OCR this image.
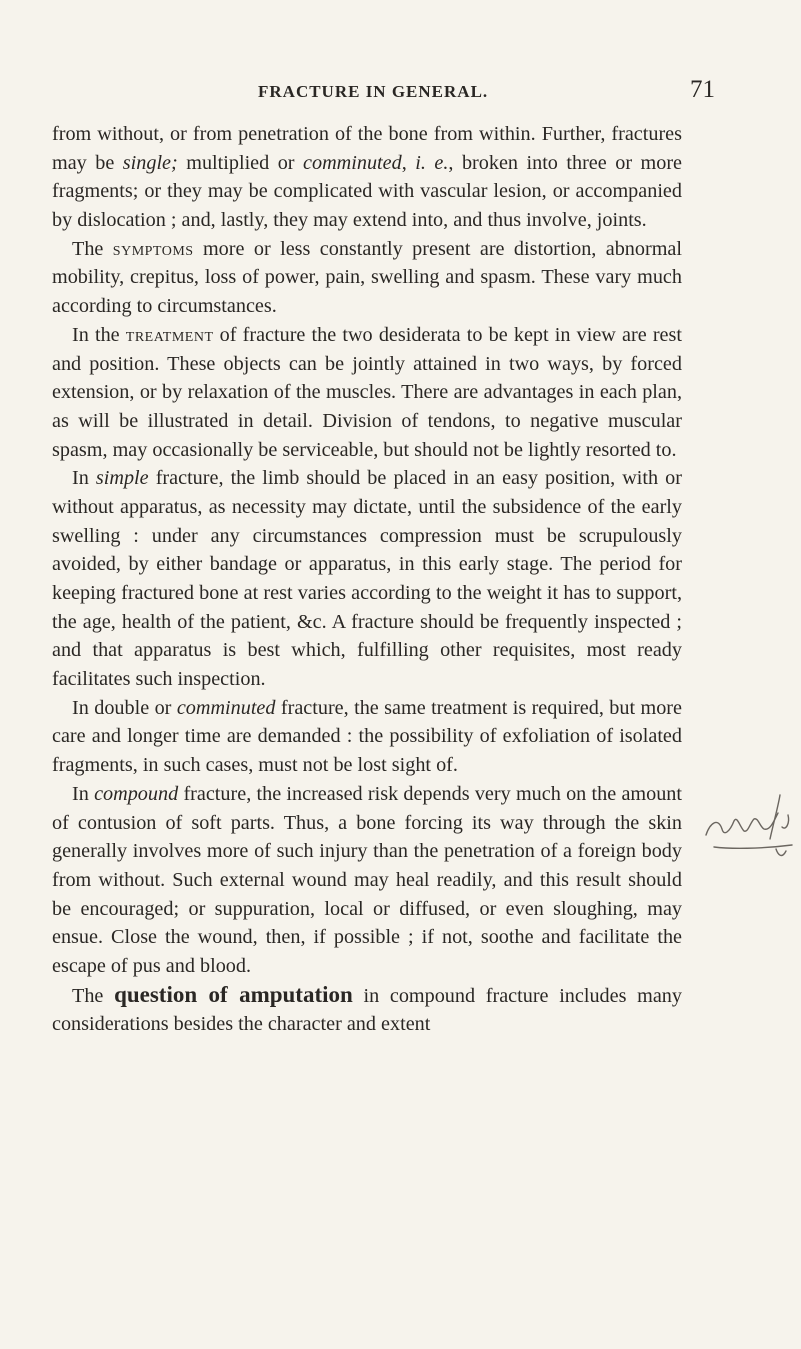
FRACTURE IN GENERAL.	71

from without, or from penetration of the bone from within. Further, fractures may be single; multiplied or comminuted, i. e., broken into three or more fragments; or they may be complicated with vascular lesion, or accompanied by dislocation ; and, lastly, they may extend into, and thus involve, joints.

The symptoms more or less constantly present are distortion, abnormal mobility, crepitus, loss of power, pain, swelling and spasm. These vary much according to circumstances.

In the treatment of fracture the two desiderata to be kept in view are rest and position. These objects can be jointly attained in two ways, by forced extension, or by relaxation of the muscles. There are advantages in each plan, as will be illustrated in detail. Division of tendons, to negative muscular spasm, may occasionally be serviceable, but should not be lightly resorted to.

In simple fracture, the limb should be placed in an easy position, with or without apparatus, as necessity may dictate, until the subsidence of the early swelling : under any circumstances compression must be scrupulously avoided, by either bandage or apparatus, in this early stage. The period for keeping fractured bone at rest varies according to the weight it has to support, the age, health of the patient, &c. A fracture should be frequently inspected ; and that apparatus is best which, fulfilling other requisites, most ready facilitates such inspection.

In double or comminuted fracture, the same treatment is required, but more care and longer time are demanded : the possibility of exfoliation of isolated fragments, in such cases, must not be lost sight of.

In compound fracture, the increased risk depends very much on the amount of contusion of soft parts. Thus, a bone forcing its way through the skin generally involves more of such injury than the penetration of a foreign body from without. Such external wound may heal readily, and this result should be encouraged; or suppuration, local or diffused, or even sloughing, may ensue. Close the wound, then, if possible ; if not, soothe and facilitate the escape of pus and blood.

The question of amputation in compound fracture includes many considerations besides the character and extent
